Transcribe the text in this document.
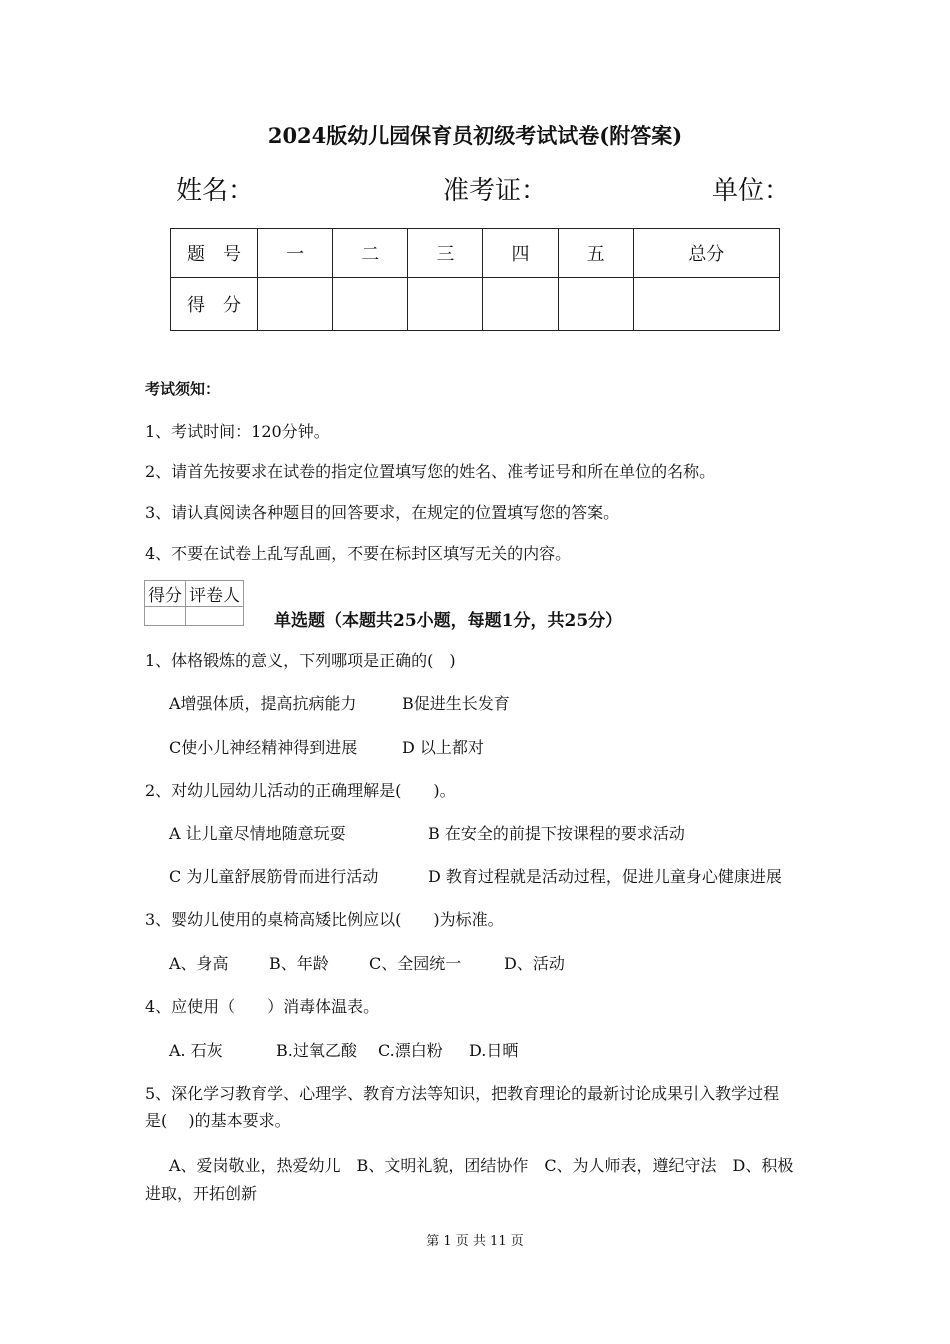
2024版幼儿园保育员初级考试试卷(附答案)
姓名：	准考证：	单位：
题　号	一	二	三	四	五	总分
得　分						
考试须知：
1、考试时间：120分钟。
2、请首先按要求在试卷的指定位置填写您的姓名、准考证号和所在单位的名称。
3、请认真阅读各种题目的回答要求，在规定的位置填写您的答案。
4、不要在试卷上乱写乱画，不要在标封区填写无关的内容。
得分	评卷人

单选题（本题共25小题，每题1分，共25分）
1、体格锻炼的意义，下列哪项是正确的(　)
A增强体质，提高抗病能力	B促进生长发育
C使小儿神经精神得到进展	D 以上都对
2、对幼儿园幼儿活动的正确理解是(　　)。
A 让儿童尽情地随意玩耍	B 在安全的前提下按课程的要求活动
C 为儿童舒展筋骨而进行活动	D 教育过程就是活动过程，促进儿童身心健康进展
3、婴幼儿使用的桌椅高矮比例应以(　　)为标准。
A、身高	B、年龄	C、全园统一	D、活动
4、应使用（　　）消毒体温表。
A. 石灰	B.过氧乙酸 C.漂白粉 D.日晒
5、深化学习教育学、心理学、教育方法等知识，把教育理论的最新讨论成果引入教学过程
是(　 )的基本要求。
A、爱岗敬业，热爱幼儿　B、文明礼貌，团结协作　C、为人师表，遵纪守法　D、积极
进取，开拓创新
第 1 页 共 11 页
